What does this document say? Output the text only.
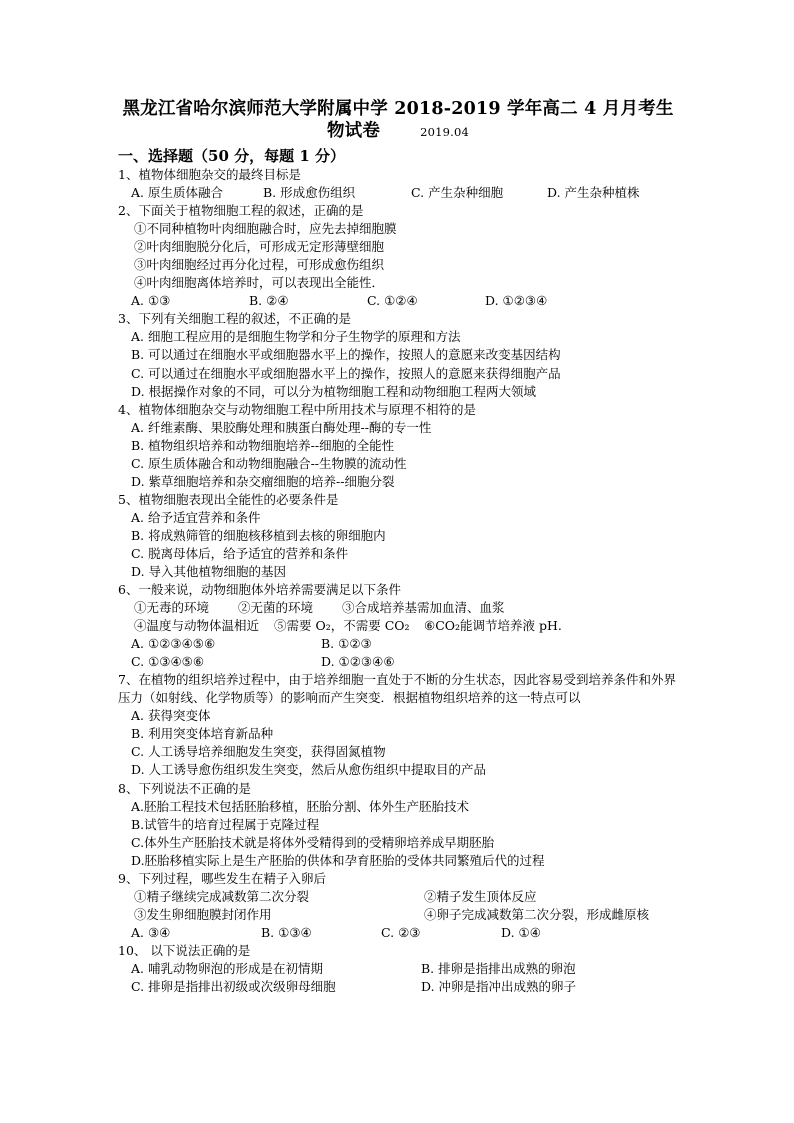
黑龙江省哈尔滨师范大学附属中学 2018-2019 学年高二 4 月月考生
物试卷	2019.04
一、选择题（50 分，每题 1 分）
1、植物体细胞杂交的最终目标是
A. 原生质体融合	B. 形成愈伤组织	C. 产生杂种细胞	D. 产生杂种植株
2、下面关于植物细胞工程的叙述，正确的是
①不同种植物叶肉细胞融合时，应先去掉细胞膜
②叶肉细胞脱分化后，可形成无定形薄壁细胞
③叶肉细胞经过再分化过程，可形成愈伤组织
④叶肉细胞离体培养时，可以表现出全能性．
A. ①③	B. ②④	C. ①②④	D. ①②③④
3、下列有关细胞工程的叙述，不正确的是
A. 细胞工程应用的是细胞生物学和分子生物学的原理和方法
B. 可以通过在细胞水平或细胞器水平上的操作，按照人的意愿来改变基因结构
C. 可以通过在细胞水平或细胞器水平上的操作，按照人的意愿来获得细胞产品
D. 根据操作对象的不同，可以分为植物细胞工程和动物细胞工程两大领域
4、植物体细胞杂交与动物细胞工程中所用技术与原理不相符的是
A. 纤维素酶、果胶酶处理和胰蛋白酶处理--酶的专一性
B. 植物组织培养和动物细胞培养--细胞的全能性
C. 原生质体融合和动物细胞融合--生物膜的流动性
D. 紫草细胞培养和杂交瘤细胞的培养--细胞分裂
5、植物细胞表现出全能性的必要条件是
A. 给予适宜营养和条件
B. 将成熟筛管的细胞核移植到去核的卵细胞内
C. 脱离母体后，给予适宜的营养和条件
D. 导入其他植物细胞的基因
6、一般来说，动物细胞体外培养需要满足以下条件
①无毒的环境 ②无菌的环境 ③合成培养基需加血清、血浆
④温度与动物体温相近 ⑤需要 O₂，不需要 CO₂ ⑥CO₂能调节培养液 pH.
A. ①②③④⑤⑥	B. ①②③
C. ①③④⑤⑥	D. ①②③④⑥
7、在植物的组织培养过程中，由于培养细胞一直处于不断的分生状态，因此容易受到培养条件和外界压力（如射线、化学物质等）的影响而产生突变．根据植物组织培养的这一特点可以
A. 获得突变体
B. 利用突变体培育新品种
C. 人工诱导培养细胞发生突变，获得固氮植物
D. 人工诱导愈伤组织发生突变，然后从愈伤组织中提取目的产品
8、下列说法不正确的是
A.胚胎工程技术包括胚胎移植，胚胎分割、体外生产胚胎技术
B.试管牛的培育过程属于克隆过程
C.体外生产胚胎技术就是将体外受精得到的受精卵培养成早期胚胎
D.胚胎移植实际上是生产胚胎的供体和孕育胚胎的受体共同繁殖后代的过程
9、下列过程，哪些发生在精子入卵后
①精子继续完成减数第二次分裂	②精子发生顶体反应
③发生卵细胞膜封闭作用	④卵子完成减数第二次分裂，形成雌原核
A. ③④	B. ①③④	C. ②③	D. ①④
10、 以下说法正确的是
A. 哺乳动物卵泡的形成是在初情期	B. 排卵是指排出成熟的卵泡
C. 排卵是指排出初级或次级卵母细胞	D. 冲卵是指冲出成熟的卵子
